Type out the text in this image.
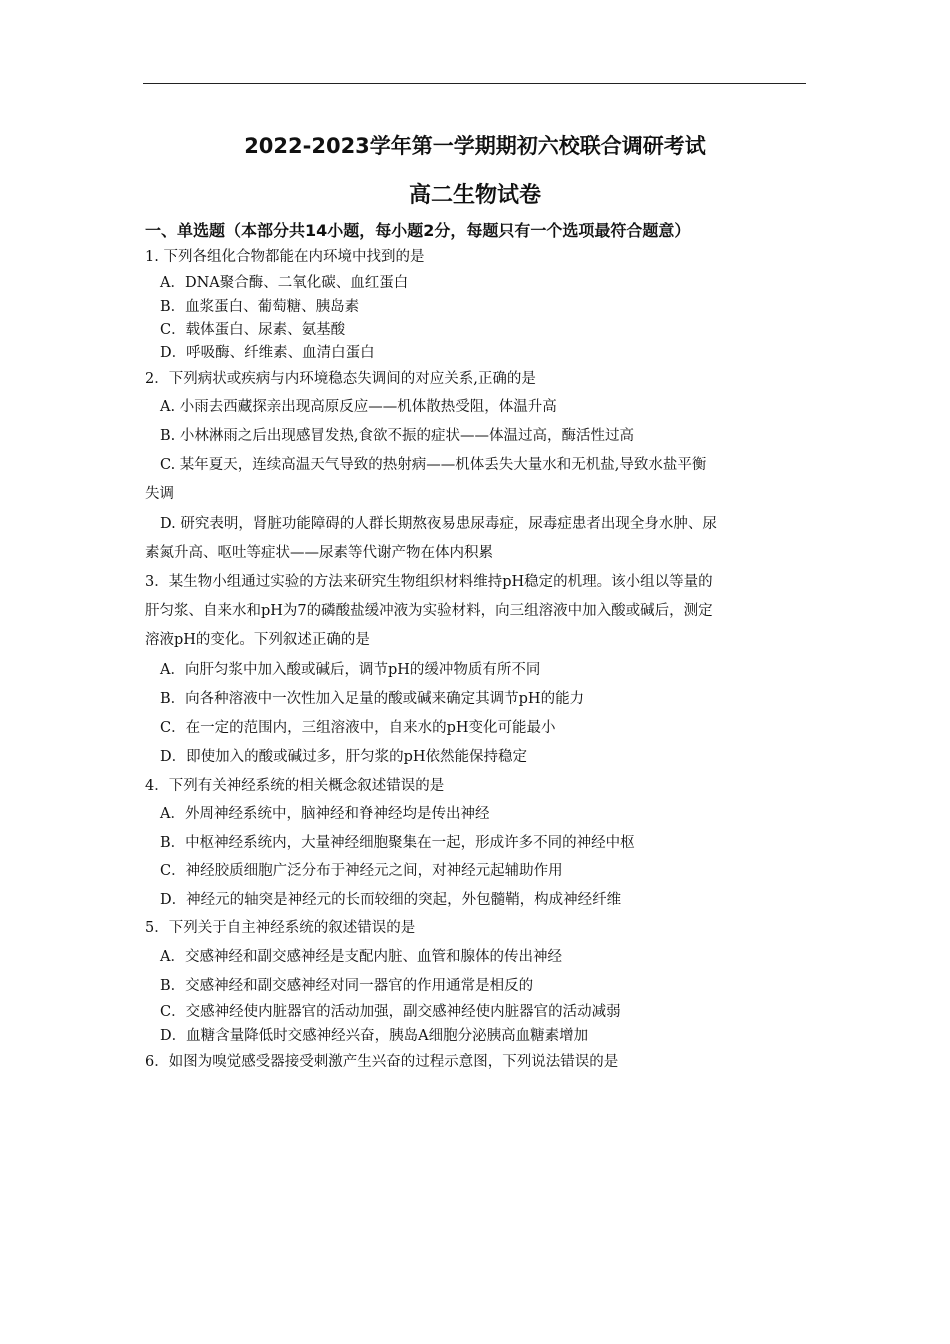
2022-2023学年第一学期期初六校联合调研考试
高二生物试卷
一、单选题（本部分共14小题，每小题2分，每题只有一个选项最符合题意）
1. 下列各组化合物都能在内环境中找到的是
A．DNA聚合酶、二氧化碳、血红蛋白
B．血浆蛋白、葡萄糖、胰岛素
C．载体蛋白、尿素、氨基酸
D．呼吸酶、纤维素、血清白蛋白
2．下列病状或疾病与内环境稳态失调间的对应关系,正确的是
A. 小雨去西藏探亲出现高原反应——机体散热受阻，体温升高
B. 小林淋雨之后出现感冒发热,食欲不振的症状——体温过高，酶活性过高
C. 某年夏天，连续高温天气导致的热射病——机体丢失大量水和无机盐,导致水盐平衡
失调
D. 研究表明，肾脏功能障碍的人群长期熬夜易患尿毒症，尿毒症患者出现全身水肿、尿
素氮升高、呕吐等症状——尿素等代谢产物在体内积累
3．某生物小组通过实验的方法来研究生物组织材料维持pH稳定的机理。该小组以等量的
肝匀浆、自来水和pH为7的磷酸盐缓冲液为实验材料，向三组溶液中加入酸或碱后，测定
溶液pH的变化。下列叙述正确的是
A．向肝匀浆中加入酸或碱后，调节pH的缓冲物质有所不同
B．向各种溶液中一次性加入足量的酸或碱来确定其调节pH的能力
C．在一定的范围内，三组溶液中，自来水的pH变化可能最小
D．即使加入的酸或碱过多，肝匀浆的pH依然能保持稳定
4．下列有关神经系统的相关概念叙述错误的是
A．外周神经系统中，脑神经和脊神经均是传出神经
B．中枢神经系统内，大量神经细胞聚集在一起，形成许多不同的神经中枢
C．神经胶质细胞广泛分布于神经元之间，对神经元起辅助作用
D．神经元的轴突是神经元的长而较细的突起，外包髓鞘，构成神经纤维
5．下列关于自主神经系统的叙述错误的是
A．交感神经和副交感神经是支配内脏、血管和腺体的传出神经
B．交感神经和副交感神经对同一器官的作用通常是相反的
C．交感神经使内脏器官的活动加强，副交感神经使内脏器官的活动减弱
D．血糖含量降低时交感神经兴奋，胰岛A细胞分泌胰高血糖素增加
6．如图为嗅觉感受器接受刺激产生兴奋的过程示意图，下列说法错误的是
